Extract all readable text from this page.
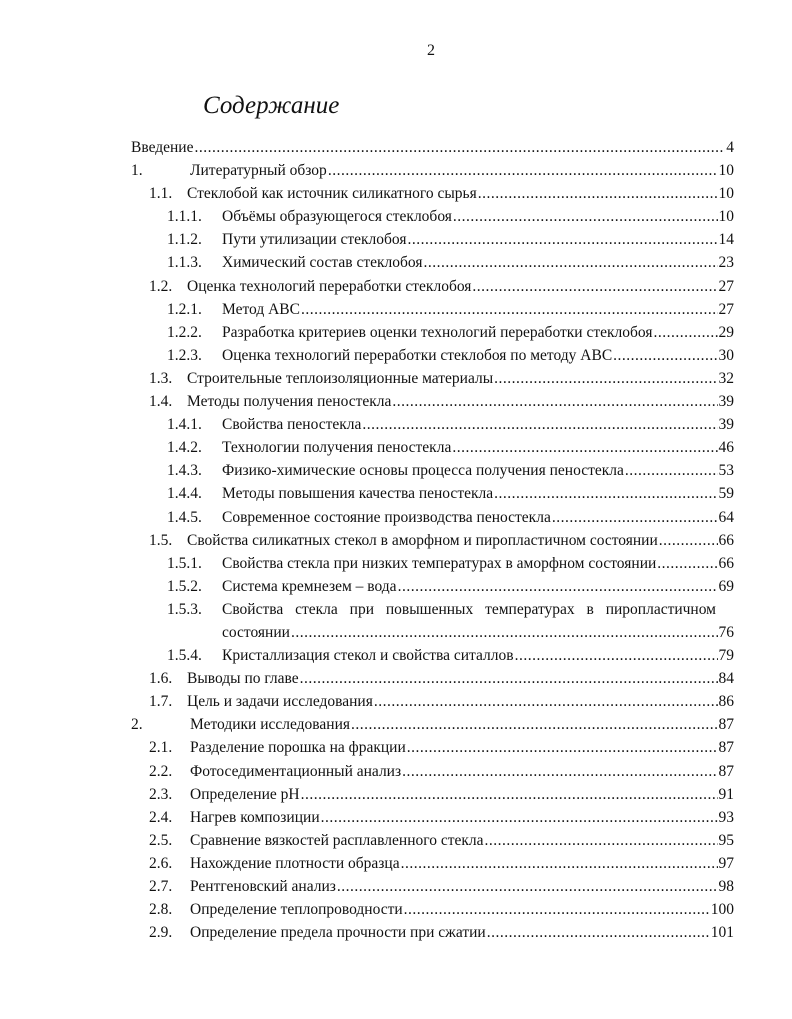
2
Содержание
Введение .....	4
1.	Литературный обзор .....	10
1.1. Стеклобой как источник силикатного сырья .....	10
1.1.1. Объёмы образующегося стеклобоя .....	10
1.1.2. Пути утилизации стеклобоя .....	14
1.1.3. Химический состав стеклобоя .....	23
1.2. Оценка технологий переработки стеклобоя .....	27
1.2.1. Метод АВС .....	27
1.2.2. Разработка критериев оценки технологий переработки стеклобоя .....	29
1.2.3. Оценка технологий переработки стеклобоя по методу АВС .....	30
1.3. Строительные теплоизоляционные материалы .....	32
1.4. Методы получения пеностекла .....	39
1.4.1. Свойства пеностекла .....	39
1.4.2. Технологии получения пеностекла .....	46
1.4.3. Физико-химические основы процесса получения пеностекла .....	53
1.4.4. Методы повышения качества пеностекла .....	59
1.4.5. Современное состояние производства пеностекла .....	64
1.5. Свойства силикатных стекол в аморфном и пиропластичном состоянии .....	66
1.5.1. Свойства стекла при низких температурах в аморфном состоянии .....	66
1.5.2. Система кремнезем – вода .....	69
1.5.3. Свойства стекла при повышенных температурах в пиропластичном
состоянии .....	76
1.5.4. Кристаллизация стекол и свойства ситаллов .....	79
1.6. Выводы по главе .....	84
1.7. Цель и задачи исследования .....	86
2.	Методики исследования .....	87
2.1. Разделение порошка на фракции .....	87
2.2. Фотоседиментационный анализ .....	87
2.3. Определение pH .....	91
2.4. Нагрев композиции .....	93
2.5. Сравнение вязкостей расплавленного стекла .....	95
2.6. Нахождение плотности образца .....	97
2.7. Рентгеновский анализ .....	98
2.8. Определение теплопроводности .....	100
2.9. Определение предела прочности при сжатии .....	101
